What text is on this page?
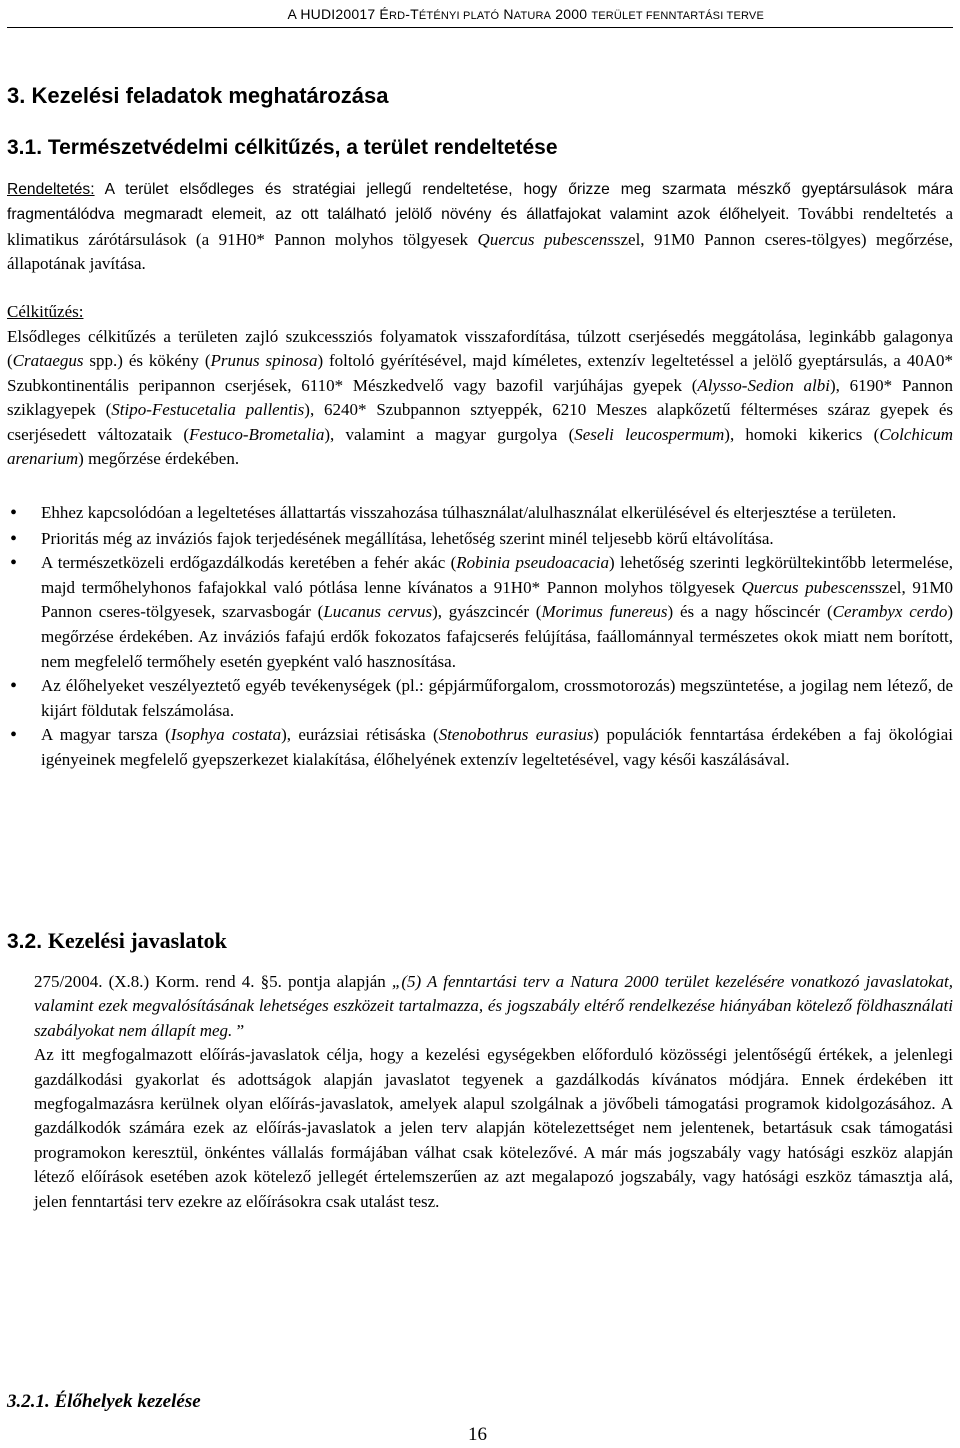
A HUDI20017 ÉRD-TÉTÉNYI PLATÓ NATURA 2000 TERÜLET FENNTARTÁSI TERVE
3. Kezelési feladatok meghatározása
3.1. Természetvédelmi célkitűzés, a terület rendeltetése

Rendeltetés: A terület elsődleges és stratégiai jellegű rendeltetése, hogy őrizze meg szarmata mészkő gyeptársulások mára fragmentálódva megmaradt elemeit, az ott található jelölő növény és állatfajokat valamint azok élőhelyeit. További rendeltetés a klimatikus zárótársulások (a 91H0* Pannon molyhos tölgyesek Quercus pubescensszel, 91M0 Pannon cseres-tölgyes) megőrzése, állapotának javítása.

Célkitűzés:

Elsődleges célkitűzés a területen zajló szukcessziós folyamatok visszafordítása, túlzott cserjésedés meggátolása, leginkább galagonya (Crataegus spp.) és kökény (Prunus spinosa) foltoló gyérítésével, majd kíméletes, extenzív legeltetéssel a jelölő gyeptársulás, a 40A0* Szubkontinentális peripannon cserjések, 6110* Mészkedvelő vagy bazofil varjúhájas gyepek (Alysso-Sedion albi), 6190* Pannon sziklagyepek (Stipo-Festucetalia pallentis), 6240* Szubpannon sztyeppék, 6210 Meszes alapkőzetű félterméses száraz gyepek és cserjésedett változataik (Festuco-Brometalia), valamint a magyar gurgolya (Seseli leucospermum), homoki kikerics (Colchicum arenarium) megőrzése érdekében.

• Ehhez kapcsolódóan a legeltetéses állattartás visszahozása túlhasználat/alulhasználat elkerülésével és elterjesztése a területen.
• Prioritás még az inváziós fajok terjedésének megállítása, lehetőség szerint minél teljesebb körű eltávolítása.
• A természetközeli erdőgazdálkodás keretében a fehér akác (Robinia pseudoacacia) lehetőség szerinti legkörültekintőbb letermelése, majd termőhelyhonos fafajokkal való pótlása lenne kívánatos a 91H0* Pannon molyhos tölgyesek Quercus pubescensszel, 91M0 Pannon cseres-tölgyesek, szarvasbogár (Lucanus cervus), gyászcincér (Morimus funereus) és a nagy hőscincér (Cerambyx cerdo) megőrzése érdekében. Az inváziós fafajú erdők fokozatos fafajcserés felújítása, faállománnyal természetes okok miatt nem borított, nem megfelelő termőhely esetén gyepként való hasznosítása.
• Az élőhelyeket veszélyeztető egyéb tevékenységek (pl.: gépjárműforgalom, crossmotorozás) megszüntetése, a jogilag nem létező, de kijárt földutak felszámolása.
• A magyar tarsza (Isophya costata), eurázsiai rétisáska (Stenobothrus eurasius) populációk fenntartása érdekében a faj ökológiai igényeinek megfelelő gyepszerkezet kialakítása, élőhelyének extenzív legeltetésével, vagy késői kaszálásával.
3.2. Kezelési javaslatok

275/2004. (X.8.) Korm. rend 4. §5. pontja alapján „(5) A fenntartási terv a Natura 2000 terület kezelésére vonatkozó javaslatokat, valamint ezek megvalósításának lehetséges eszközeit tartalmazza, és jogszabály eltérő rendelkezése hiányában kötelező földhasználati szabályokat nem állapít meg. ”

Az itt megfogalmazott előírás-javaslatok célja, hogy a kezelési egységekben előforduló közösségi jelentőségű értékek, a jelenlegi gazdálkodási gyakorlat és adottságok alapján javaslatot tegyenek a gazdálkodás kívánatos módjára. Ennek érdekében itt megfogalmazásra kerülnek olyan előírás-javaslatok, amelyek alapul szolgálnak a jövőbeli támogatási programok kidolgozásához. A gazdálkodók számára ezek az előírás-javaslatok a jelen terv alapján kötelezettséget nem jelentenek, betartásuk csak támogatási programokon keresztül, önkéntes vállalás formájában válhat csak kötelezővé. A már más jogszabály vagy hatósági eszköz alapján létező előírások esetében azok kötelező jellegét értelemszerűen az azt megalapozó jogszabály, vagy hatósági eszköz támasztja alá, jelen fenntartási terv ezekre az előírásokra csak utalást tesz.

3.2.1. Élőhelyek kezelése
16
